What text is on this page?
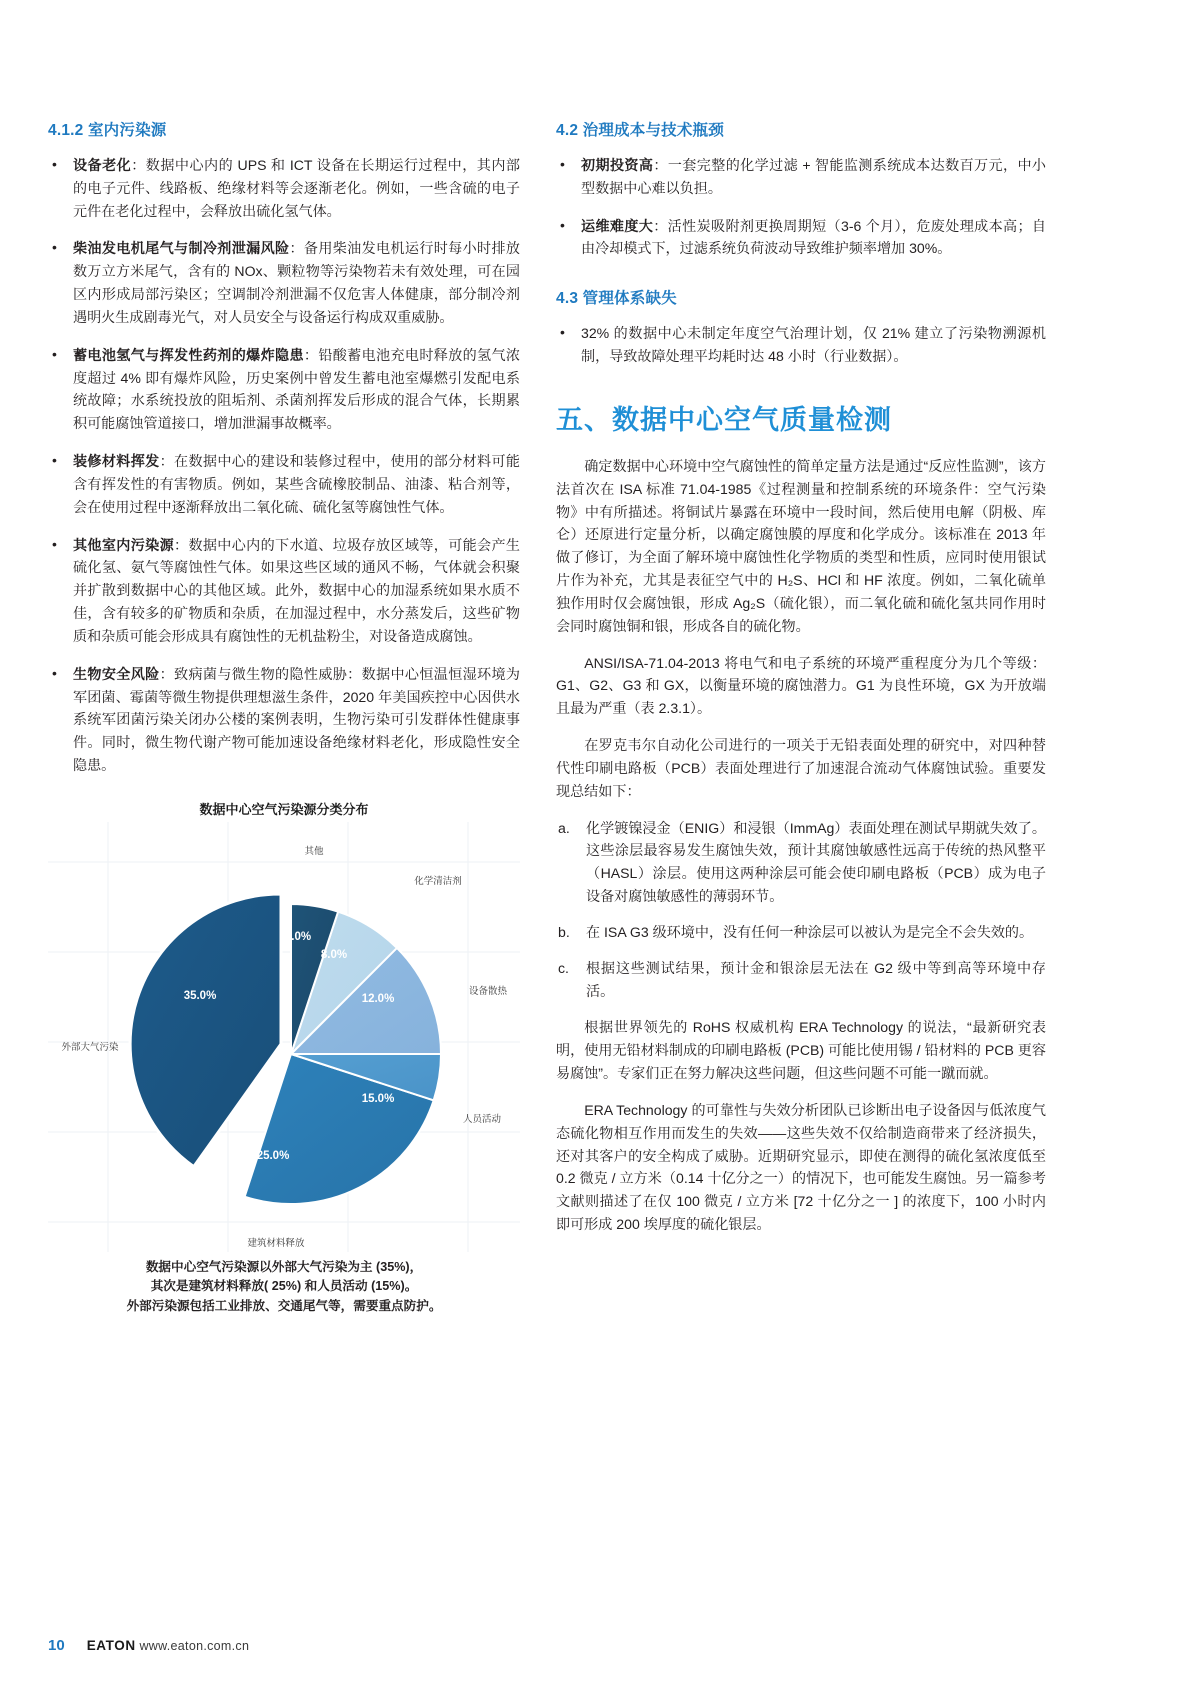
4.1.2 室内污染源
• 设备老化：数据中心内的 UPS 和 ICT 设备在长期运行过程中，其内部的电子元件、线路板、绝缘材料等会逐渐老化。例如，一些含硫的电子元件在老化过程中，会释放出硫化氢气体。
• 柴油发电机尾气与制冷剂泄漏风险：备用柴油发电机运行时每小时排放数万立方米尾气，含有的 NOx、颗粒物等污染物若未有效处理，可在园区内形成局部污染区；空调制冷剂泄漏不仅危害人体健康，部分制冷剂遇明火生成剧毒光气，对人员安全与设备运行构成双重威胁。
• 蓄电池氢气与挥发性药剂的爆炸隐患：铅酸蓄电池充电时释放的氢气浓度超过 4% 即有爆炸风险，历史案例中曾发生蓄电池室爆燃引发配电系统故障；水系统投放的阻垢剂、杀菌剂挥发后形成的混合气体，长期累积可能腐蚀管道接口，增加泄漏事故概率。
• 装修材料挥发：在数据中心的建设和装修过程中，使用的部分材料可能含有挥发性的有害物质。例如，某些含硫橡胶制品、油漆、粘合剂等，会在使用过程中逐渐释放出二氧化硫、硫化氢等腐蚀性气体。
• 其他室内污染源：数据中心内的下水道、垃圾存放区域等，可能会产生硫化氢、氨气等腐蚀性气体。如果这些区域的通风不畅，气体就会积聚并扩散到数据中心的其他区域。此外，数据中心的加湿系统如果水质不佳，含有较多的矿物质和杂质，在加湿过程中，水分蒸发后，这些矿物质和杂质可能会形成具有腐蚀性的无机盐粉尘，对设备造成腐蚀。
• 生物安全风险：致病菌与微生物的隐性威胁：数据中心恒温恒湿环境为军团菌、霉菌等微生物提供理想滋生条件，2020 年美国疾控中心因供水系统军团菌污染关闭办公楼的案例表明，生物污染可引发群体性健康事件。同时，微生物代谢产物可能加速设备绝缘材料老化，形成隐性安全隐患。
数据中心空气污染源分类分布
35.0%
25.0%
15.0%
12.0%
8.0%
5.0%
外部大气污染
建筑材料释放
人员活动
设备散热
化学清洁剂
其他
数据中心空气污染源以外部大气污染为主 (35%)，
其次是建筑材料释放( 25%) 和人员活动 (15%)。
外部污染源包括工业排放、交通尾气等，需要重点防护。
4.2 治理成本与技术瓶颈
• 初期投资高：一套完整的化学过滤 + 智能监测系统成本达数百万元，中小型数据中心难以负担。
• 运维难度大：活性炭吸附剂更换周期短（3-6 个月），危废处理成本高；自由冷却模式下，过滤系统负荷波动导致维护频率增加 30%。
4.3 管理体系缺失
• 32% 的数据中心未制定年度空气治理计划，仅 21% 建立了污染物溯源机制，导致故障处理平均耗时达 48 小时（行业数据）。
五、数据中心空气质量检测

确定数据中心环境中空气腐蚀性的简单定量方法是通过“反应性监测”，该方法首次在 ISA 标准 71.04‑1985《过程测量和控制系统的环境条件：空气污染物》中有所描述。将铜试片暴露在环境中一段时间，然后使用电解（阴极、库仑）还原进行定量分析，以确定腐蚀膜的厚度和化学成分。该标准在 2013 年做了修订，为全面了解环境中腐蚀性化学物质的类型和性质，应同时使用银试片作为补充，尤其是表征空气中的 H₂S、HCl 和 HF 浓度。例如，二氧化硫单独作用时仅会腐蚀银，形成 Ag₂S（硫化银），而二氧化硫和硫化氢共同作用时会同时腐蚀铜和银，形成各自的硫化物。

ANSI/ISA‑71.04‑2013 将电气和电子系统的环境严重程度分为几个等级：G1、G2、G3 和 GX，以衡量环境的腐蚀潜力。G1 为良性环境，GX 为开放端且最为严重（表 2.3.1）。

在罗克韦尔自动化公司进行的一项关于无铅表面处理的研究中，对四种替代性印刷电路板（PCB）表面处理进行了加速混合流动气体腐蚀试验。重要发现总结如下：

a. 化学镀镍浸金（ENIG）和浸银（ImmAg）表面处理在测试早期就失效了。这些涂层最容易发生腐蚀失效，预计其腐蚀敏感性远高于传统的热风整平（HASL）涂层。使用这两种涂层可能会使印刷电路板（PCB）成为电子设备对腐蚀敏感性的薄弱环节。
b. 在 ISA G3 级环境中，没有任何一种涂层可以被认为是完全不会失效的。
c. 根据这些测试结果，预计金和银涂层无法在 G2 级中等到高等环境中存活。

根据世界领先的 RoHS 权威机构 ERA Technology 的说法，“最新研究表明，使用无铅材料制成的印刷电路板 (PCB) 可能比使用锡 / 铅材料的 PCB 更容易腐蚀”。专家们正在努力解决这些问题，但这些问题不可能一蹴而就。

ERA Technology 的可靠性与失效分析团队已诊断出电子设备因与低浓度气态硫化物相互作用而发生的失效——这些失效不仅给制造商带来了经济损失，还对其客户的安全构成了威胁。近期研究显示，即使在测得的硫化氢浓度低至 0.2 微克 / 立方米（0.14 十亿分之一）的情况下，也可能发生腐蚀。另一篇参考文献则描述了在仅 100 微克 / 立方米 [72 十亿分之一 ] 的浓度下，100 小时内即可形成 200 埃厚度的硫化银层。

10 EATON www.eaton.com.cn
